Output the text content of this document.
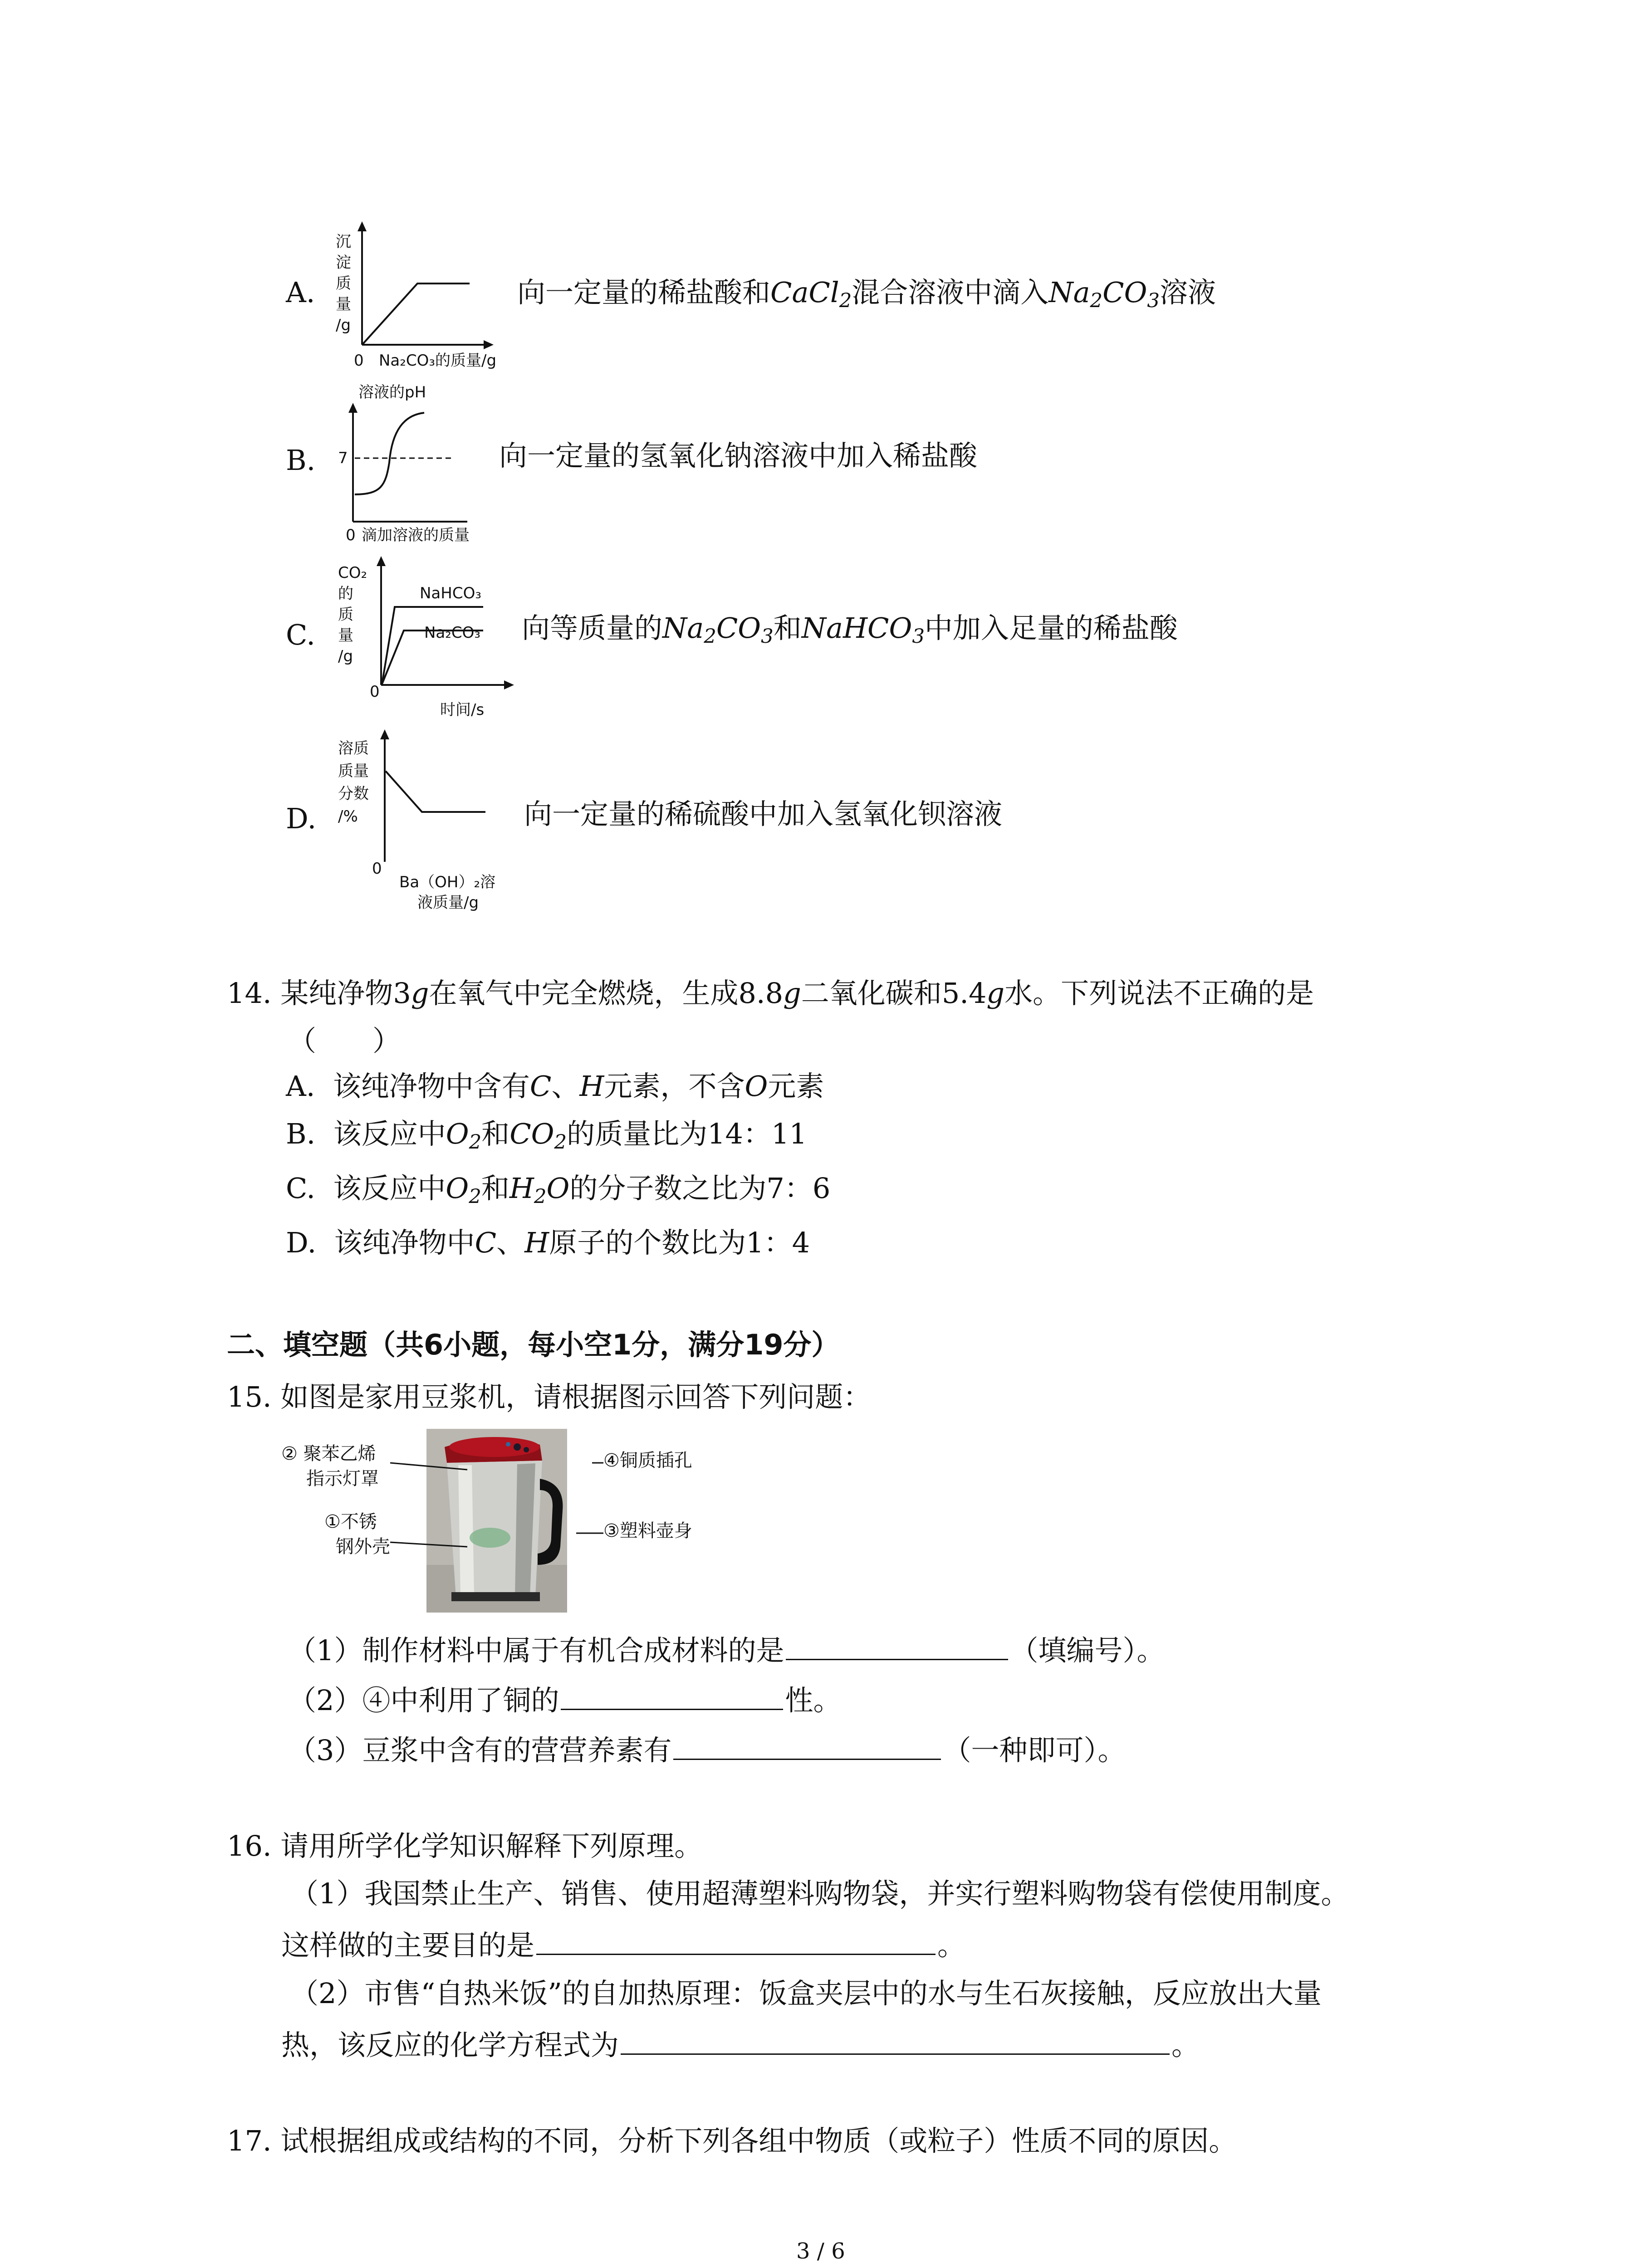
A.
沉
淀
质
量
/g
0 Na₂CO₃的质量/g
向一定量的稀盐酸和CaCl$_2$混合溶液中滴入$Na_2CO_3$溶液
B.
溶液的pH
7
0 滴加溶液的质量
向一定量的氢氧化钠溶液中加入稀盐酸
C.
CO₂
的
质
量
/g
NaHCO₃
Na₂CO₃
0
时间/s
向等质量的$Na_2CO_3$和NaHCO$_3$中加入足量的稀盐酸
D.
溶质
质量
分数
/%
0
Ba（OH）₂溶
液质量/g
向一定量的稀硫酸中加入氢氧化钡溶液
14. 某纯净物3g在氧气中完全燃烧，生成8.8g二氧化碳和5.4g水。下列说法不正确的是
（　　）
A. 该纯净物中含有C、H元素，不含O元素
B. 该反应中$O_2$和$CO_2$的质量比为14：11
C. 该反应中$O_2$和$H_2O$的分子数之比为7：6
D. 该纯净物中C、H原子的个数比为1：4
二、填空题（共6小题，每小空1分，满分19分）
15. 如图是家用豆浆机，请根据图示回答下列问题：
② 聚苯乙烯
指示灯罩
①不锈
钢外壳
④铜质插孔
③塑料壶身
（1）制作材料中属于有机合成材料的是	（填编号）。
（2）④中利用了铜的	性。
（3）豆浆中含有的营营养素有	（一种即可）。
16. 请用所学化学知识解释下列原理。
（1）我国禁止生产、销售、使用超薄塑料购物袋，并实行塑料购物袋有偿使用制度。
这样做的主要目的是	。
（2）市售“自热米饭”的自加热原理：饭盒夹层中的水与生石灰接触，反应放出大量
热，该反应的化学方程式为	。
17. 试根据组成或结构的不同，分析下列各组中物质（或粒子）性质不同的原因。
3 / 6
